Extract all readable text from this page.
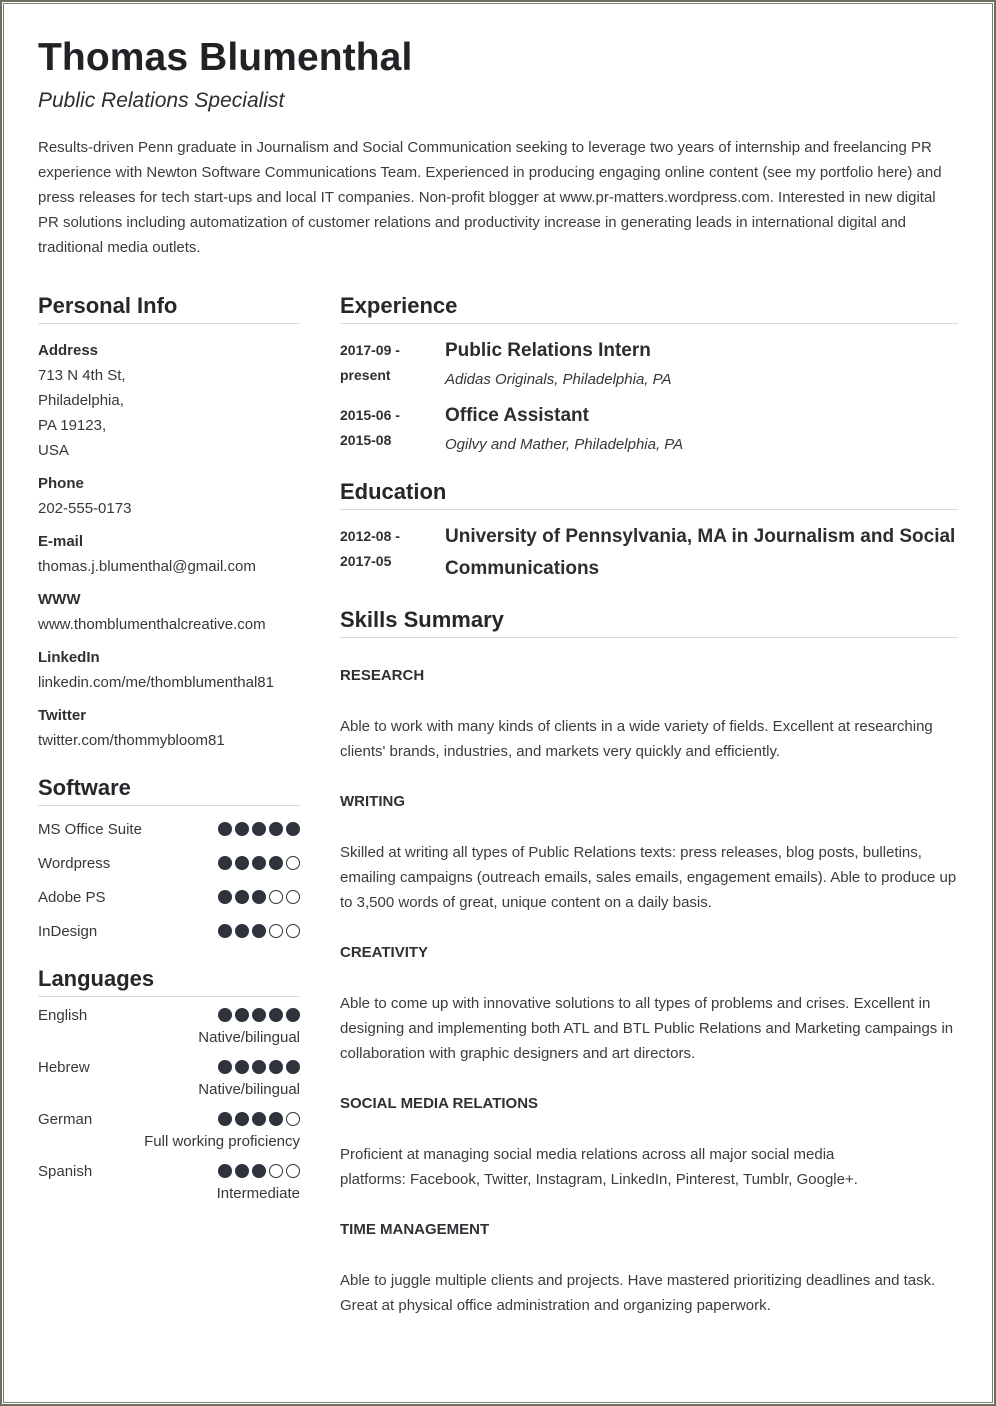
Thomas Blumenthal
Public Relations Specialist

Results-driven Penn graduate in Journalism and Social Communication seeking to leverage two years of internship and freelancing PR experience with Newton Software Communications Team. Experienced in producing engaging online content (see my portfolio here) and press releases for tech start-ups and local IT companies. Non-profit blogger at www.pr-matters.wordpress.com. Interested in new digital PR solutions including automatization of customer relations and productivity increase in generating leads in international digital and traditional media outlets.

Personal Info
Address
713 N 4th St,
Philadelphia,
PA 19123,
USA
Phone
202-555-0173
E-mail
thomas.j.blumenthal@gmail.com
WWW
www.thomblumenthalcreative.com
LinkedIn
linkedin.com/me/thomblumenthal81
Twitter
twitter.com/thommybloom81
Software
MS Office Suite
Wordpress
Adobe PS
InDesign
Languages
English
Native/bilingual
Hebrew
Native/bilingual
German
Full working proficiency
Spanish
Intermediate
Experience
2017-09 -
present
Public Relations Intern
Adidas Originals, Philadelphia, PA
2015-06 -
2015-08
Office Assistant
Ogilvy and Mather, Philadelphia, PA
Education
2012-08 -
2017-05
University of Pennsylvania, MA in Journalism and Social Communications
Skills Summary
RESEARCH

Able to work with many kinds of clients in a wide variety of fields. Excellent at researching clients' brands, industries, and markets very quickly and efficiently.

WRITING

Skilled at writing all types of Public Relations texts: press releases, blog posts, bulletins, emailing campaigns (outreach emails, sales emails, engagement emails). Able to produce up to 3,500 words of great, unique content on a daily basis.

CREATIVITY

Able to come up with innovative solutions to all types of problems and crises. Excellent in designing and implementing both ATL and BTL Public Relations and Marketing campaings in collaboration with graphic designers and art directors.

SOCIAL MEDIA RELATIONS

Proficient at managing social media relations across all major social media platforms: Facebook, Twitter, Instagram, LinkedIn, Pinterest, Tumblr, Google+.

TIME MANAGEMENT

Able to juggle multiple clients and projects. Have mastered prioritizing deadlines and task. Great at physical office administration and organizing paperwork.
